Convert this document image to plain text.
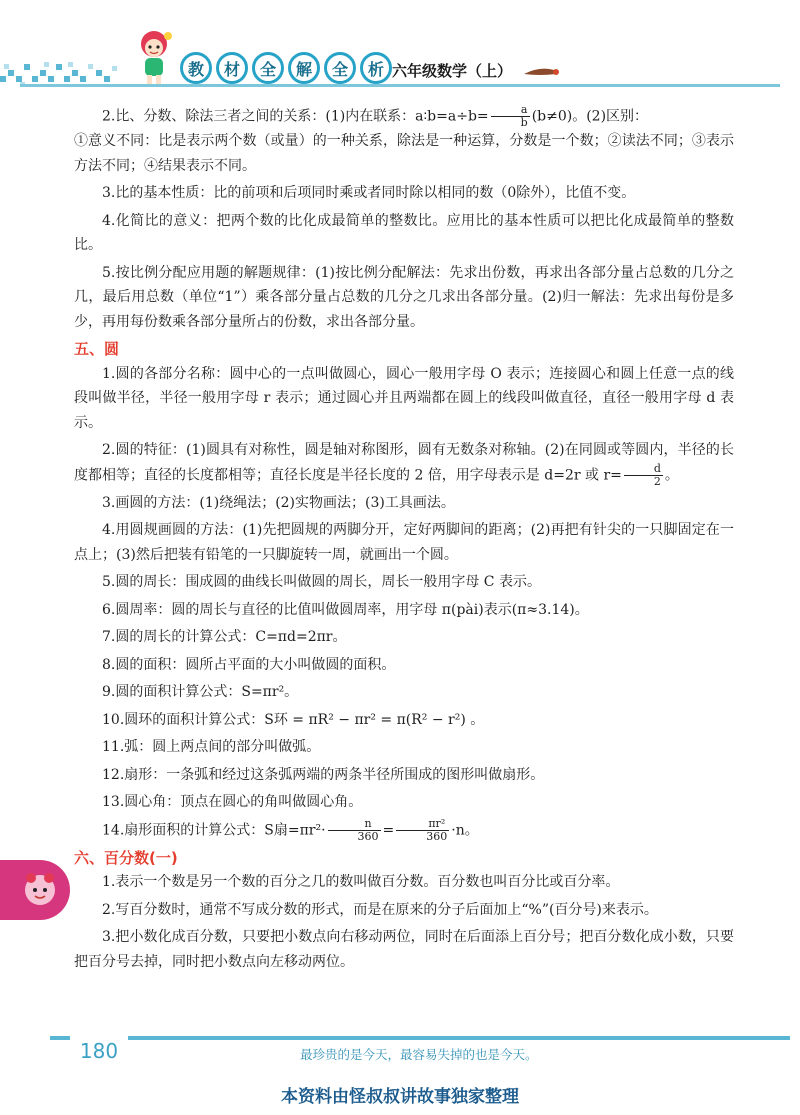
教	材	全	解	全	析 六年级数学（上）

2.比、分数、除法三者之间的关系：(1)内在联系：a∶b=a÷b= $\frac{a}{b} (b\ne 0)$。(2)区别：

①意义不同：比是表示两个数（或量）的一种关系，除法是一种运算，分数是一个数；②读法不同；③表示方法不同；④结果表示不同。

3.比的基本性质：比的前项和后项同时乘或者同时除以相同的数（0除外），比值不变。

4.化简比的意义：把两个数的比化成最简单的整数比。应用比的基本性质可以把比化成最简单的整数比。

5.按比例分配应用题的解题规律：(1)按比例分配解法：先求出份数，再求出各部分量占总数的几分之几，最后用总数（单位“1”）乘各部分量占总数的几分之几求出各部分量。(2)归一解法：先求出每份是多少，再用每份数乘各部分量所占的份数，求出各部分量。

五、圆

1.圆的各部分名称：圆中心的一点叫做圆心，圆心一般用字母 O 表示；连接圆心和圆上任意一点的线段叫做半径，半径一般用字母 r 表示；通过圆心并且两端都在圆上的线段叫做直径，直径一般用字母 d 表示。

2.圆的特征：(1)圆具有对称性，圆是轴对称图形，圆有无数条对称轴。(2)在同圆或等圆内，半径的长度都相等；直径的长度都相等；直径长度是半径长度的 2 倍，用字母表示是 d=2r 或 $r= \frac{d}{2}$ 。

3.画圆的方法：(1)绕绳法；(2)实物画法；(3)工具画法。

4.用圆规画圆的方法：(1)先把圆规的两脚分开，定好两脚间的距离；(2)再把有针尖的一只脚固定在一点上；(3)然后把装有铅笔的一只脚旋转一周，就画出一个圆。

5.圆的周长：围成圆的曲线长叫做圆的周长，周长一般用字母 C 表示。

6.圆周率：圆的周长与直径的比值叫做圆周率，用字母 π(pài)表示(π≈3.14)。

7.圆的周长的计算公式：C=πd=2πr。

8.圆的面积：圆所占平面的大小叫做圆的面积。

9.圆的面积计算公式：S=πr²。

10.圆环的面积计算公式：S环 = πR² − πr² = π(R² − r²) 。

11.弧：圆上两点间的部分叫做弧。

12.扇形：一条弧和经过这条弧两端的两条半径所围成的图形叫做扇形。

13.圆心角：顶点在圆心的角叫做圆心角。

14.扇形面积的计算公式：S扇$=\pi r^2\cdot \frac{n}{360} = \frac{\text{πr²}}{360} \cdot n$。

六、百分数(一)

1.表示一个数是另一个数的百分之几的数叫做百分数。百分数也叫百分比或百分率。

2.写百分数时，通常不写成分数的形式，而是在原来的分子后面加上“%”(百分号)来表示。

3.把小数化成百分数，只要把小数点向右移动两位，同时在后面添上百分号；把百分数化成小数，只要把百分号去掉，同时把小数点向左移动两位。

180	最珍贵的是今天，最容易失掉的也是今天。
本资料由怪叔叔讲故事独家整理
